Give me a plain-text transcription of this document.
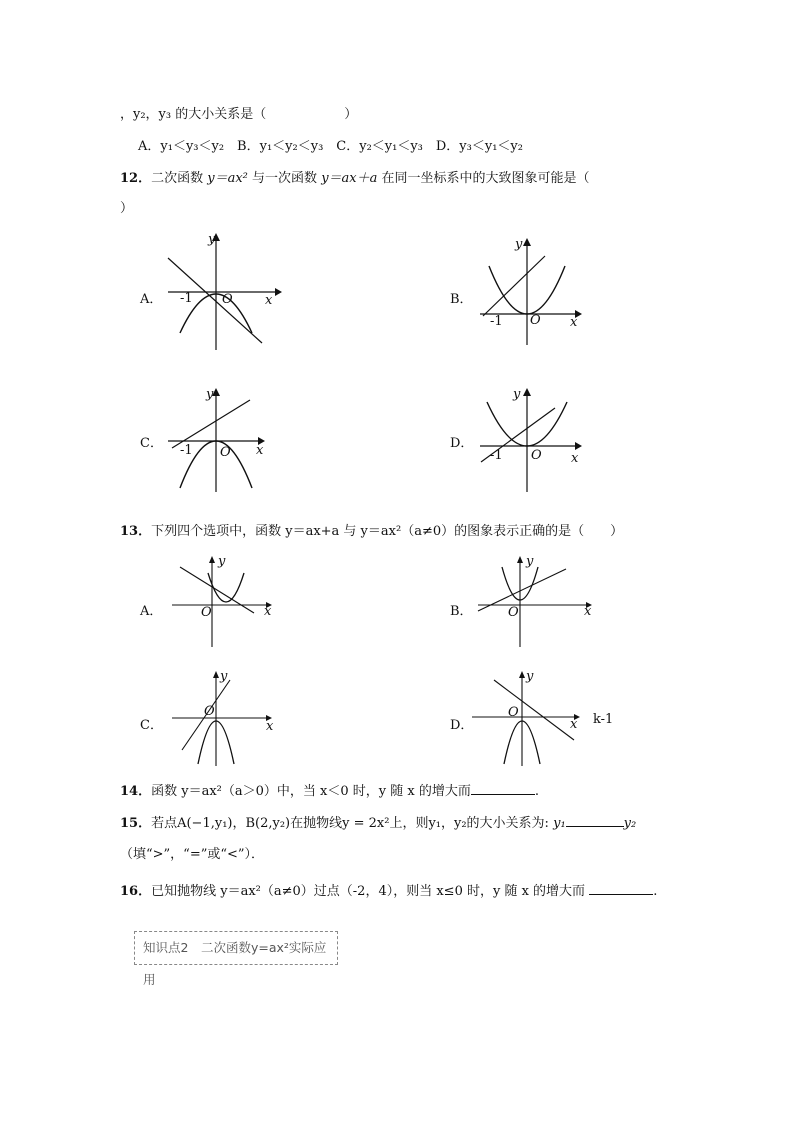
，y₂，y₃ 的大小关系是（　　　　　　）
A．y₁＜y₃＜y₂　B．y₁＜y₂＜y₃　C．y₂＜y₁＜y₃　D．y₃＜y₁＜y₂
12．二次函数 y＝ax² 与一次函数 y＝ax＋a 在同一坐标系中的大致图象可能是（
）
A．
y
x
O
-1	B．
y
x
O
-1
C．
y
x
O
-1	D．
y
x
O
-1
13．下列四个选项中，函数 y＝ax+a 与 y＝ax²（a≠0）的图象表示正确的是（　　）
A．
y
x
O	B．
y
x
O
C．
y
x
O
D．
y
x
O	k-1
14．函数 y＝ax²（a＞0）中，当 x＜0 时，y 随 x 的增大而	.
15．若点A(−1,y₁)，B(2,y₂)在抛物线y = 2x²上，则y₁，y₂的大小关系为: y₁	y₂
（填“>”，“=”或“<”）．
16．已知抛物线 y＝ax²（a≠0）过点（-2，4），则当 x≤0 时，y 随 x 的增大而	.
知识点2　二次函数y=ax²实际应用
